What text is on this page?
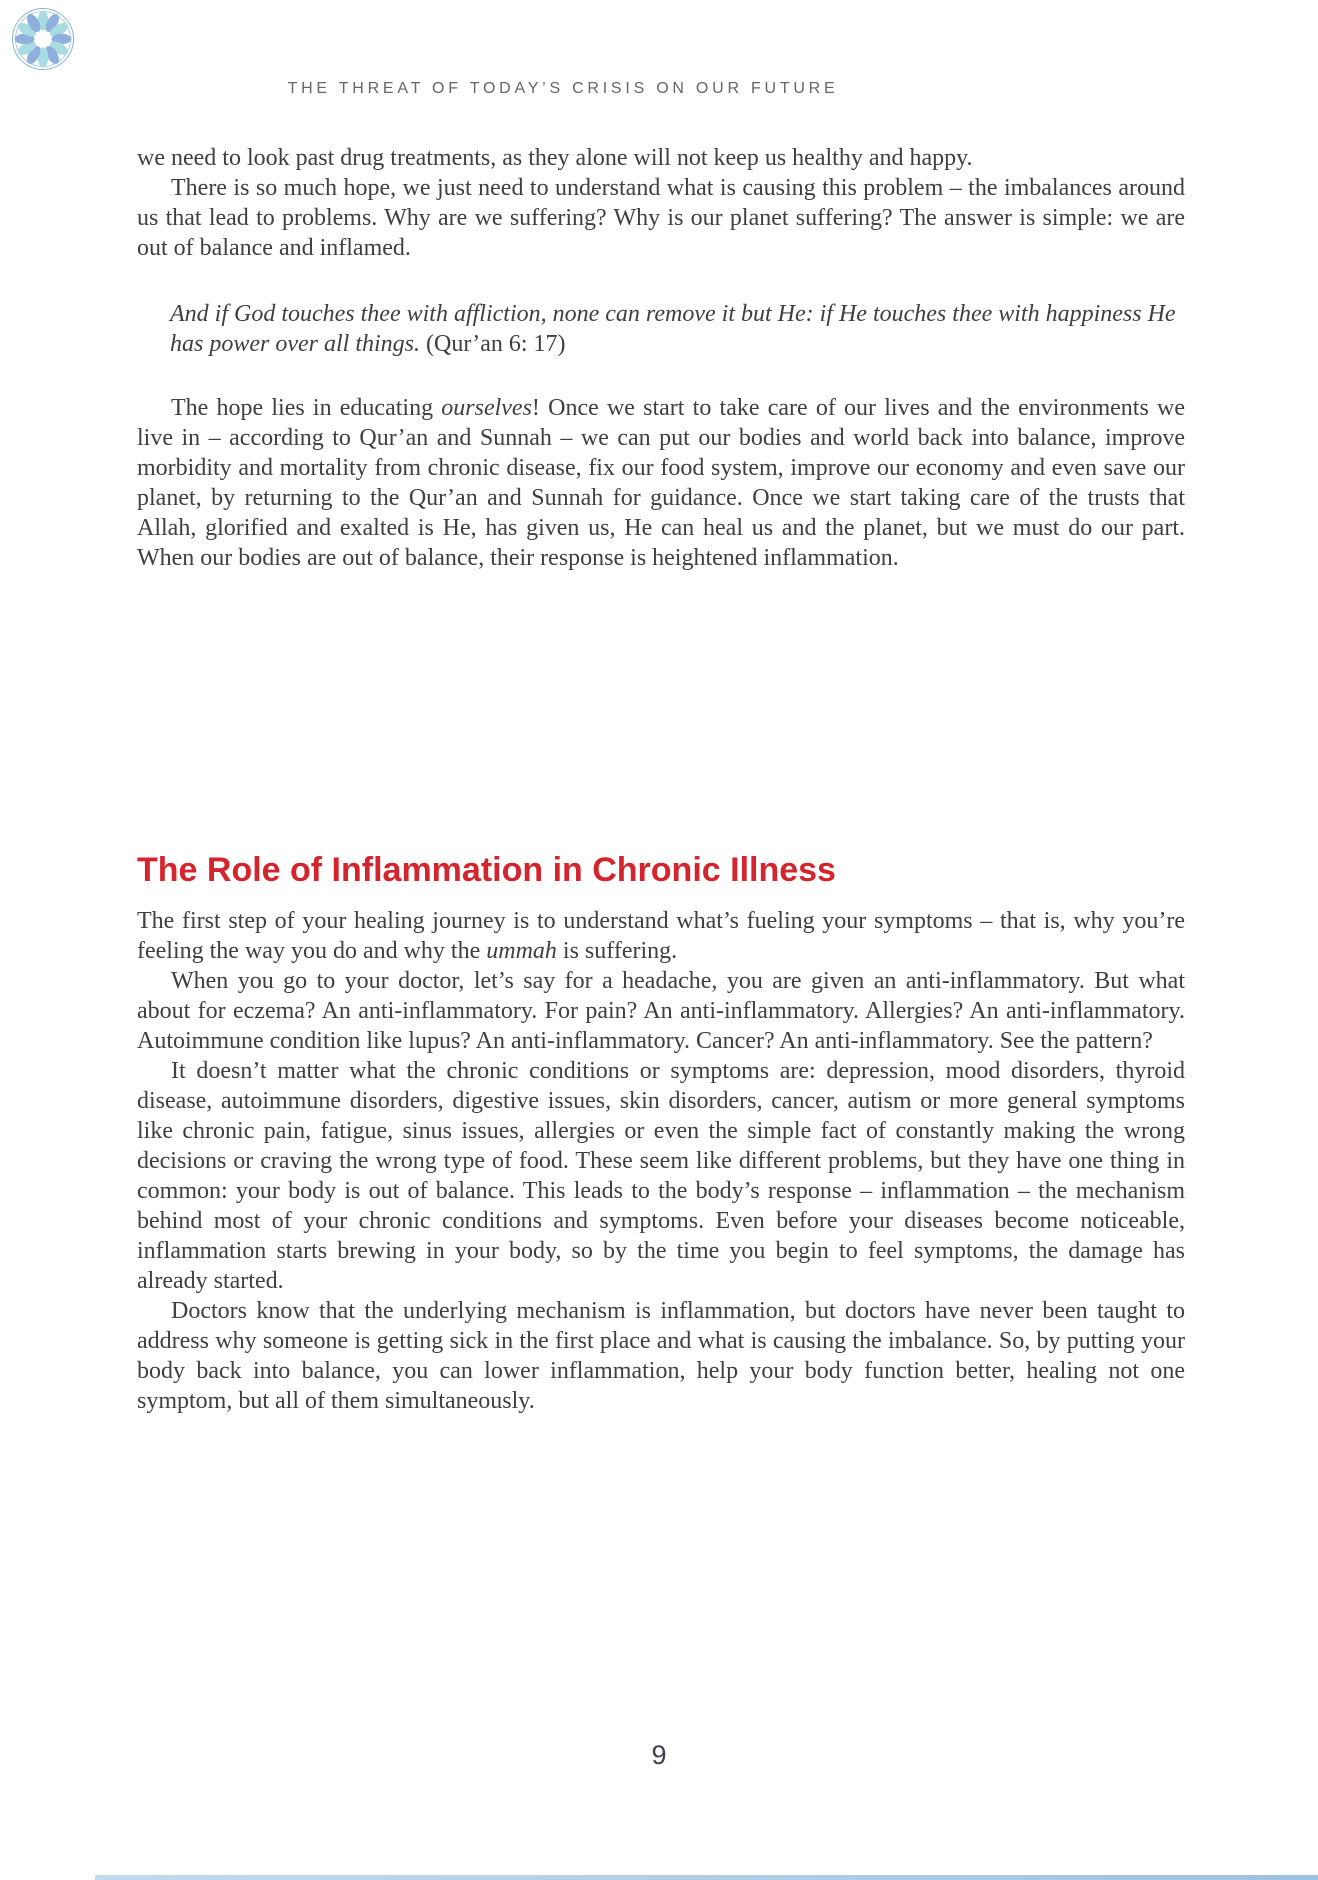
THE THREAT OF TODAY’S CRISIS ON OUR FUTURE

we need to look past drug treatments, as they alone will not keep us healthy and happy.

There is so much hope, we just need to understand what is causing this problem – the imbalances around us that lead to problems. Why are we suffering? Why is our planet suffering? The answer is simple: we are out of balance and inflamed.

And if God touches thee with affliction, none can remove it but He: if He touches thee with happiness He has power over all things. (Qur’an 6: 17)

The hope lies in educating ourselves! Once we start to take care of our lives and the environments we live in – according to Qur’an and Sunnah – we can put our bodies and world back into balance, improve morbidity and mortality from chronic disease, fix our food system, improve our economy and even save our planet, by returning to the Qur’an and Sunnah for guidance. Once we start taking care of the trusts that Allah, glorified and exalted is He, has given us, He can heal us and the planet, but we must do our part. When our bodies are out of balance, their response is heightened inflammation.

The Role of Inflammation in Chronic Illness

The first step of your healing journey is to understand what’s fueling your symptoms – that is, why you’re feeling the way you do and why the ummah is suffering.

When you go to your doctor, let’s say for a headache, you are given an anti-inflammatory. But what about for eczema? An anti-inflammatory. For pain? An anti-inflammatory. Allergies? An anti-inflammatory. Autoimmune condition like lupus? An anti-inflammatory. Cancer? An anti-inflammatory. See the pattern?

It doesn’t matter what the chronic conditions or symptoms are: depression, mood disorders, thyroid disease, autoimmune disorders, digestive issues, skin disorders, cancer, autism or more general symptoms like chronic pain, fatigue, sinus issues, allergies or even the simple fact of constantly making the wrong decisions or craving the wrong type of food. These seem like different problems, but they have one thing in common: your body is out of balance. This leads to the body’s response – inflammation – the mechanism behind most of your chronic conditions and symptoms. Even before your diseases become noticeable, inflammation starts brewing in your body, so by the time you begin to feel symptoms, the damage has already started.

Doctors know that the underlying mechanism is inflammation, but doctors have never been taught to address why someone is getting sick in the first place and what is causing the imbalance. So, by putting your body back into balance, you can lower inflammation, help your body function better, healing not one symptom, but all of them simultaneously.

9
